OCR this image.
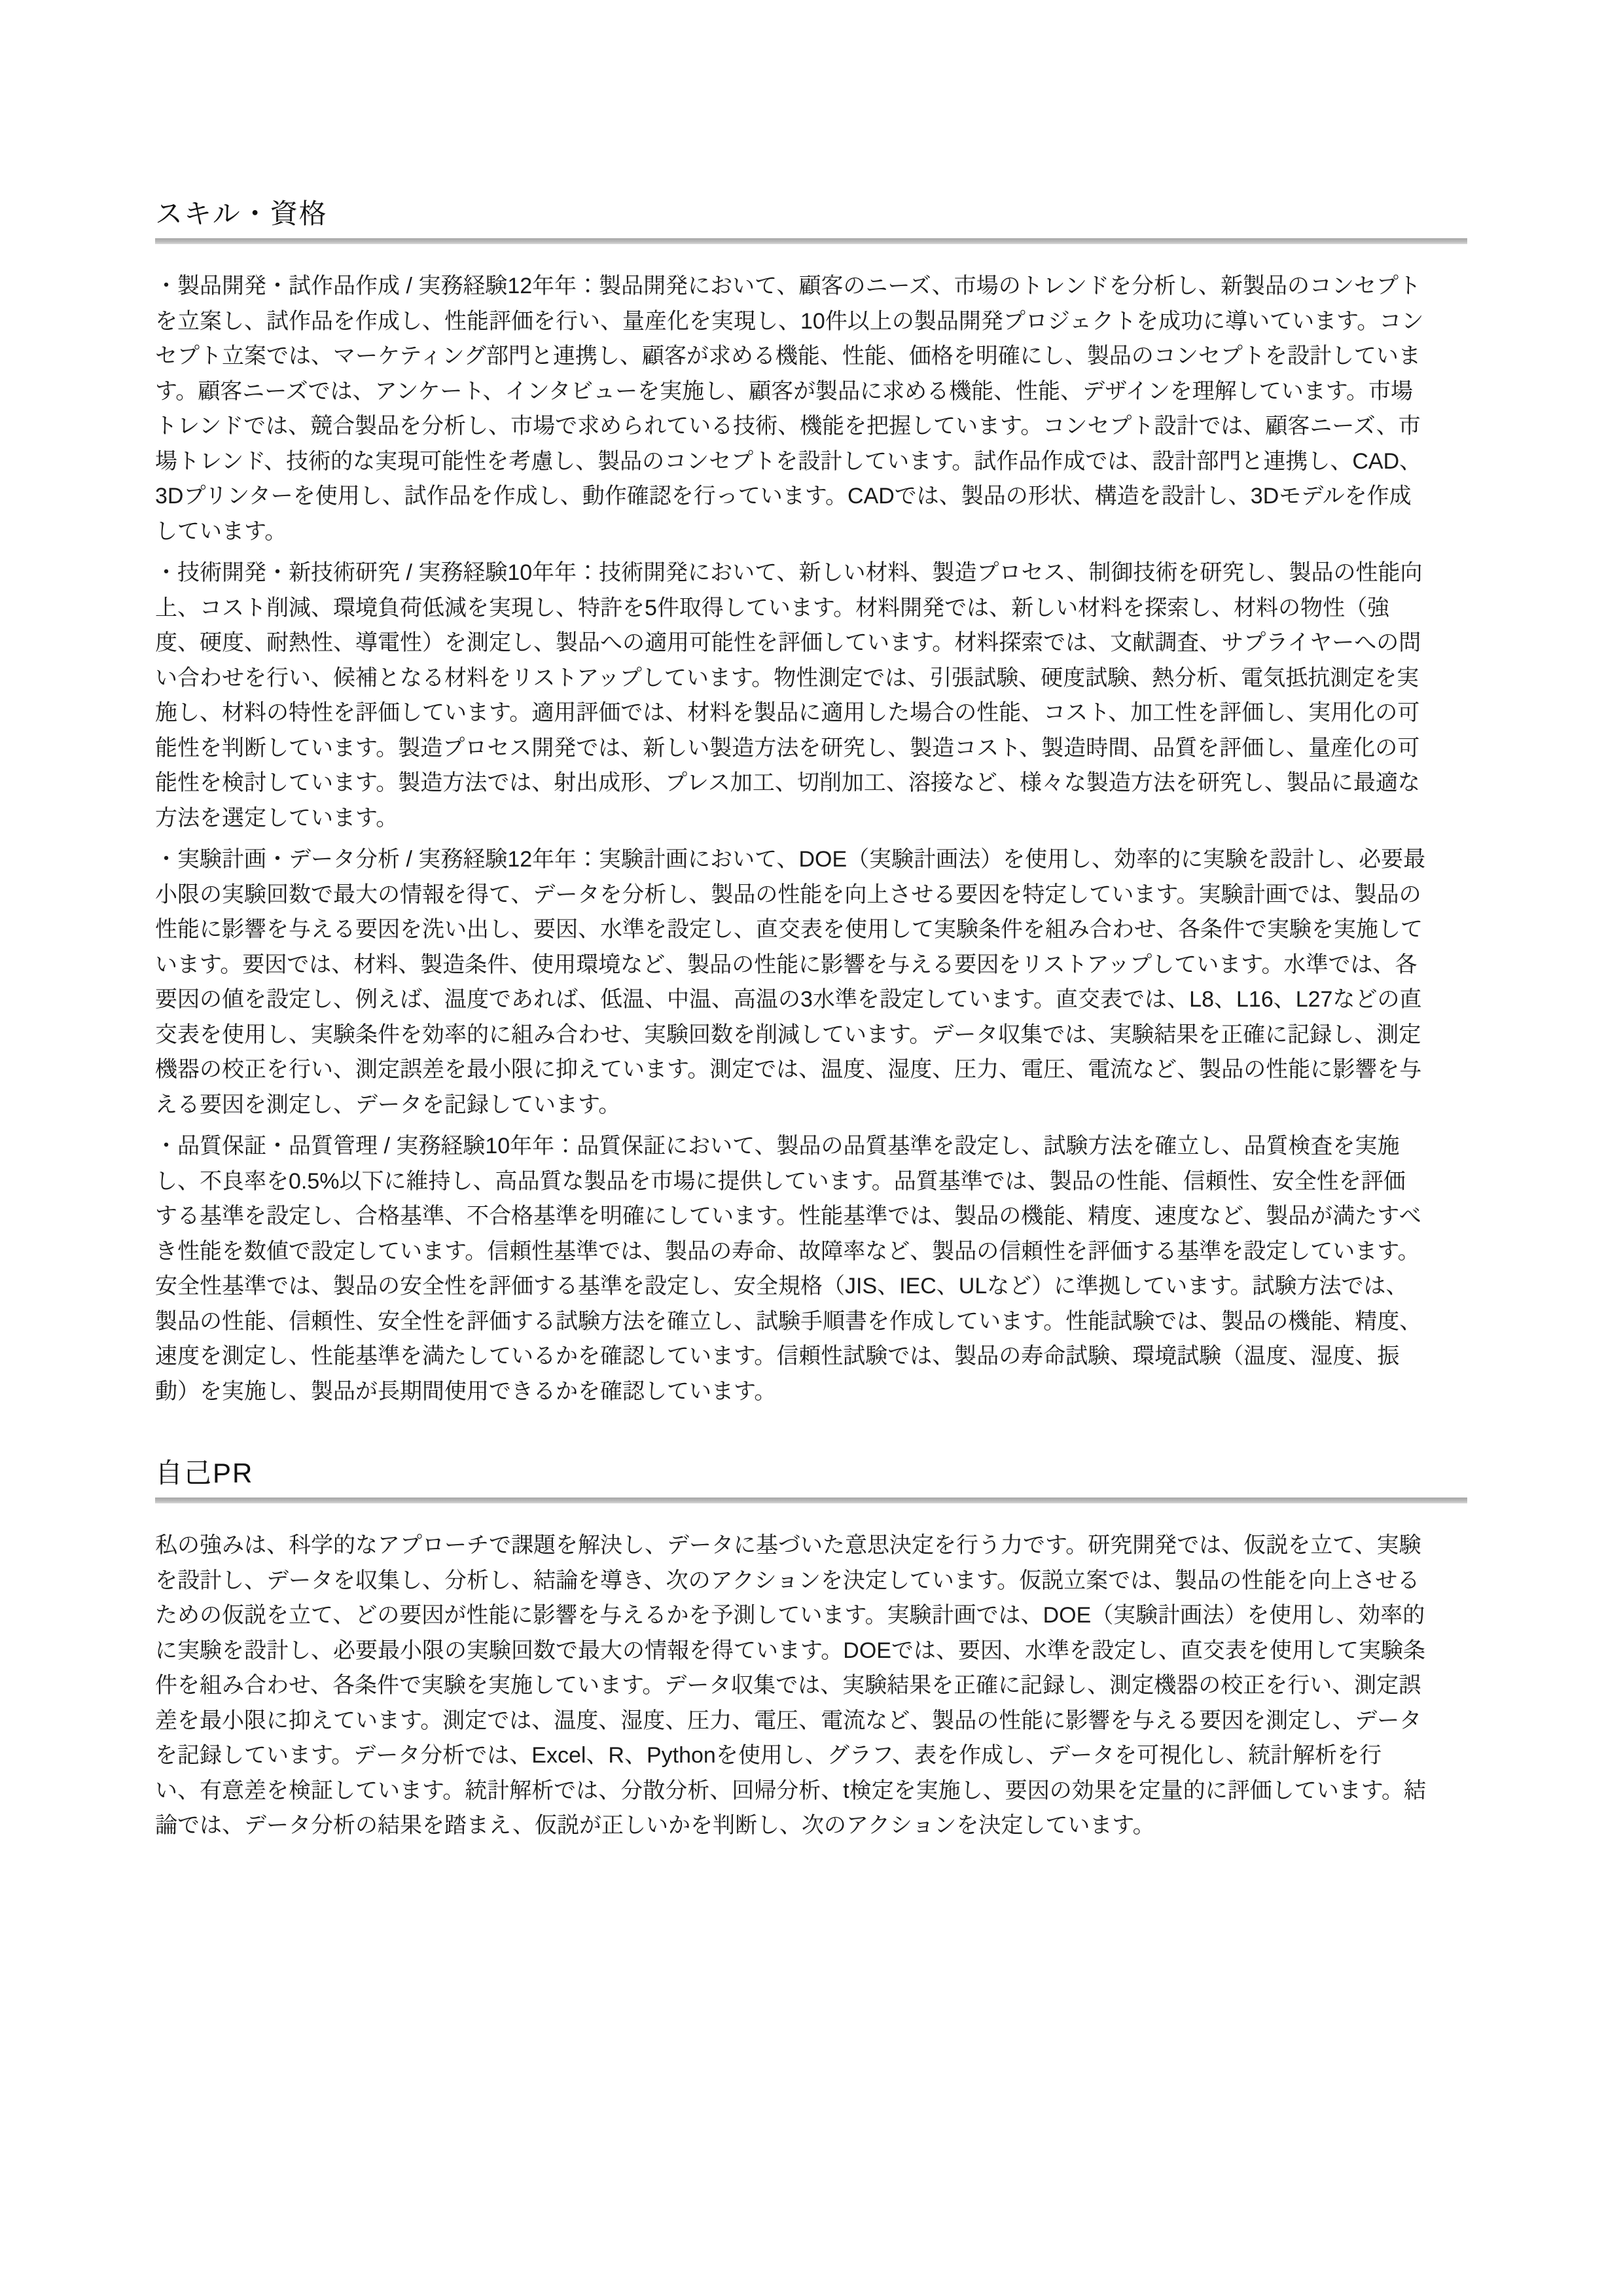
スキル・資格

・製品開発・試作品作成 / 実務経験12年年：製品開発において、顧客のニーズ、市場のトレンドを分析し、新製品のコンセプト
を立案し、試作品を作成し、性能評価を行い、量産化を実現し、10件以上の製品開発プロジェクトを成功に導いています。コン
セプト立案では、マーケティング部門と連携し、顧客が求める機能、性能、価格を明確にし、製品のコンセプトを設計していま
す。顧客ニーズでは、アンケート、インタビューを実施し、顧客が製品に求める機能、性能、デザインを理解しています。市場
トレンドでは、競合製品を分析し、市場で求められている技術、機能を把握しています。コンセプト設計では、顧客ニーズ、市
場トレンド、技術的な実現可能性を考慮し、製品のコンセプトを設計しています。試作品作成では、設計部門と連携し、CAD、
3Dプリンターを使用し、試作品を作成し、動作確認を行っています。CADでは、製品の形状、構造を設計し、3Dモデルを作成
しています。

・技術開発・新技術研究 / 実務経験10年年：技術開発において、新しい材料、製造プロセス、制御技術を研究し、製品の性能向
上、コスト削減、環境負荷低減を実現し、特許を5件取得しています。材料開発では、新しい材料を探索し、材料の物性（強
度、硬度、耐熱性、導電性）を測定し、製品への適用可能性を評価しています。材料探索では、文献調査、サプライヤーへの問
い合わせを行い、候補となる材料をリストアップしています。物性測定では、引張試験、硬度試験、熱分析、電気抵抗測定を実
施し、材料の特性を評価しています。適用評価では、材料を製品に適用した場合の性能、コスト、加工性を評価し、実用化の可
能性を判断しています。製造プロセス開発では、新しい製造方法を研究し、製造コスト、製造時間、品質を評価し、量産化の可
能性を検討しています。製造方法では、射出成形、プレス加工、切削加工、溶接など、様々な製造方法を研究し、製品に最適な
方法を選定しています。

・実験計画・データ分析 / 実務経験12年年：実験計画において、DOE（実験計画法）を使用し、効率的に実験を設計し、必要最
小限の実験回数で最大の情報を得て、データを分析し、製品の性能を向上させる要因を特定しています。実験計画では、製品の
性能に影響を与える要因を洗い出し、要因、水準を設定し、直交表を使用して実験条件を組み合わせ、各条件で実験を実施して
います。要因では、材料、製造条件、使用環境など、製品の性能に影響を与える要因をリストアップしています。水準では、各
要因の値を設定し、例えば、温度であれば、低温、中温、高温の3水準を設定しています。直交表では、L8、L16、L27などの直
交表を使用し、実験条件を効率的に組み合わせ、実験回数を削減しています。データ収集では、実験結果を正確に記録し、測定
機器の校正を行い、測定誤差を最小限に抑えています。測定では、温度、湿度、圧力、電圧、電流など、製品の性能に影響を与
える要因を測定し、データを記録しています。

・品質保証・品質管理 / 実務経験10年年：品質保証において、製品の品質基準を設定し、試験方法を確立し、品質検査を実施
し、不良率を0.5%以下に維持し、高品質な製品を市場に提供しています。品質基準では、製品の性能、信頼性、安全性を評価
する基準を設定し、合格基準、不合格基準を明確にしています。性能基準では、製品の機能、精度、速度など、製品が満たすべ
き性能を数値で設定しています。信頼性基準では、製品の寿命、故障率など、製品の信頼性を評価する基準を設定しています。
安全性基準では、製品の安全性を評価する基準を設定し、安全規格（JIS、IEC、ULなど）に準拠しています。試験方法では、
製品の性能、信頼性、安全性を評価する試験方法を確立し、試験手順書を作成しています。性能試験では、製品の機能、精度、
速度を測定し、性能基準を満たしているかを確認しています。信頼性試験では、製品の寿命試験、環境試験（温度、湿度、振
動）を実施し、製品が長期間使用できるかを確認しています。

自己PR

私の強みは、科学的なアプローチで課題を解決し、データに基づいた意思決定を行う力です。研究開発では、仮説を立て、実験
を設計し、データを収集し、分析し、結論を導き、次のアクションを決定しています。仮説立案では、製品の性能を向上させる
ための仮説を立て、どの要因が性能に影響を与えるかを予測しています。実験計画では、DOE（実験計画法）を使用し、効率的
に実験を設計し、必要最小限の実験回数で最大の情報を得ています。DOEでは、要因、水準を設定し、直交表を使用して実験条
件を組み合わせ、各条件で実験を実施しています。データ収集では、実験結果を正確に記録し、測定機器の校正を行い、測定誤
差を最小限に抑えています。測定では、温度、湿度、圧力、電圧、電流など、製品の性能に影響を与える要因を測定し、データ
を記録しています。データ分析では、Excel、R、Pythonを使用し、グラフ、表を作成し、データを可視化し、統計解析を行
い、有意差を検証しています。統計解析では、分散分析、回帰分析、t検定を実施し、要因の効果を定量的に評価しています。結
論では、データ分析の結果を踏まえ、仮説が正しいかを判断し、次のアクションを決定しています。
